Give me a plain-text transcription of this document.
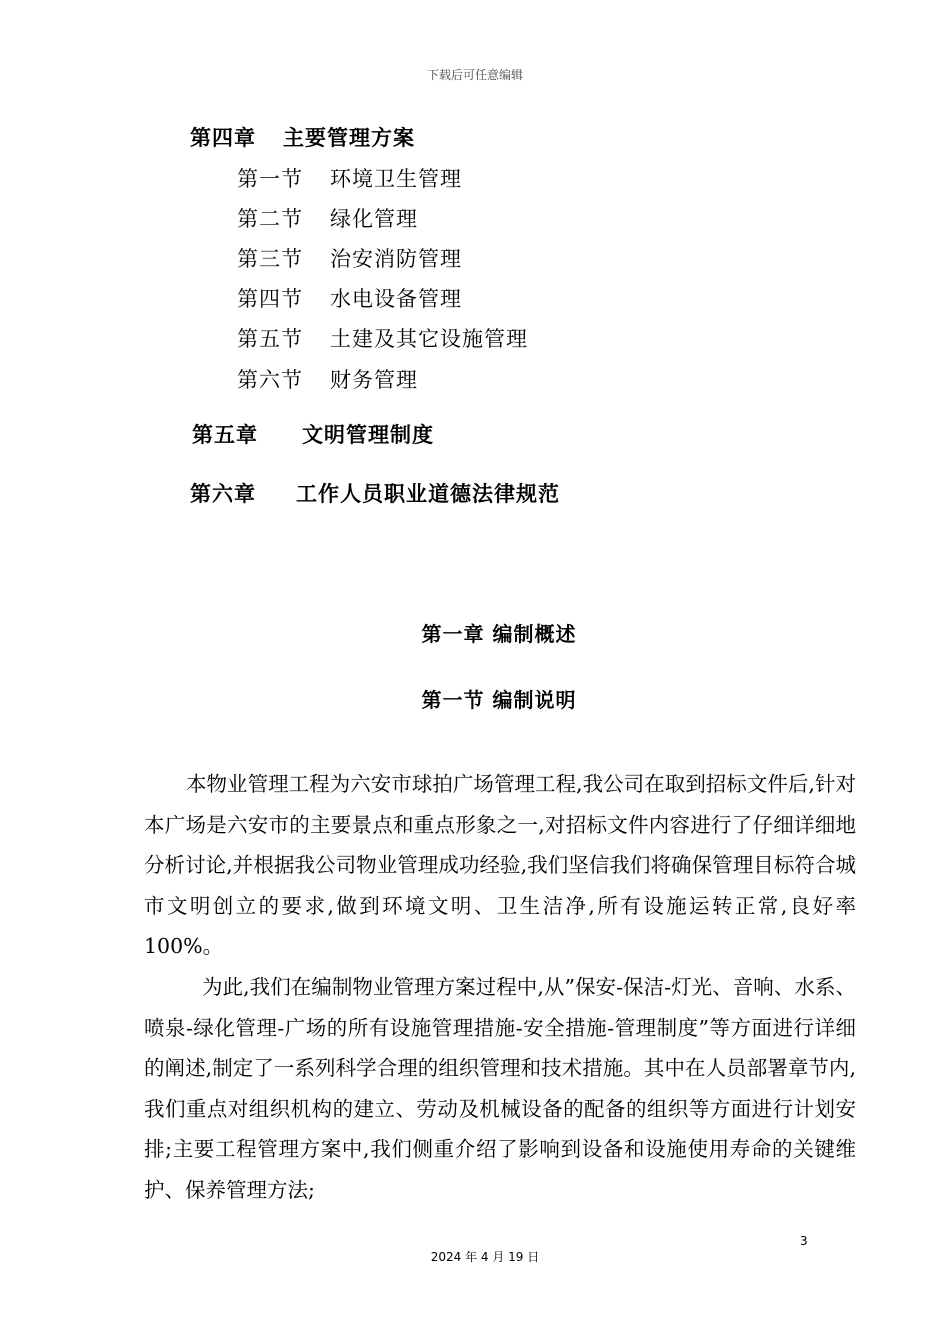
下载后可任意编辑
第四章 主要管理方案
第一节 环境卫生管理
第二节 绿化管理
第三节 治安消防管理
第四节 水电设备管理
第五节 土建及其它设施管理
第六节 财务管理
第五章 文明管理制度
第六章 工作人员职业道德法律规范
第一章 编制概述
第一节 编制说明

本物业管理工程为六安市球拍广场管理工程,我公司在取到招标文件后,针对本广场是六安市的主要景点和重点形象之一,对招标文件内容进行了仔细详细地分析讨论,并根据我公司物业管理成功经验,我们坚信我们将确保管理目标符合城市文明创立的要求,做到环境文明、卫生洁净,所有设施运转正常,良好率100%。

为此,我们在编制物业管理方案过程中,从”保安-保洁-灯光、音响、水系、喷泉-绿化管理-广场的所有设施管理措施-安全措施-管理制度”等方面进行详细的阐述,制定了一系列科学合理的组织管理和技术措施。其中在人员部署章节内,我们重点对组织机构的建立、劳动及机械设备的配备的组织等方面进行计划安排;主要工程管理方案中,我们侧重介绍了影响到设备和设施使用寿命的关键维护、保养管理方法;

3
2024 年 4 月 19 日
